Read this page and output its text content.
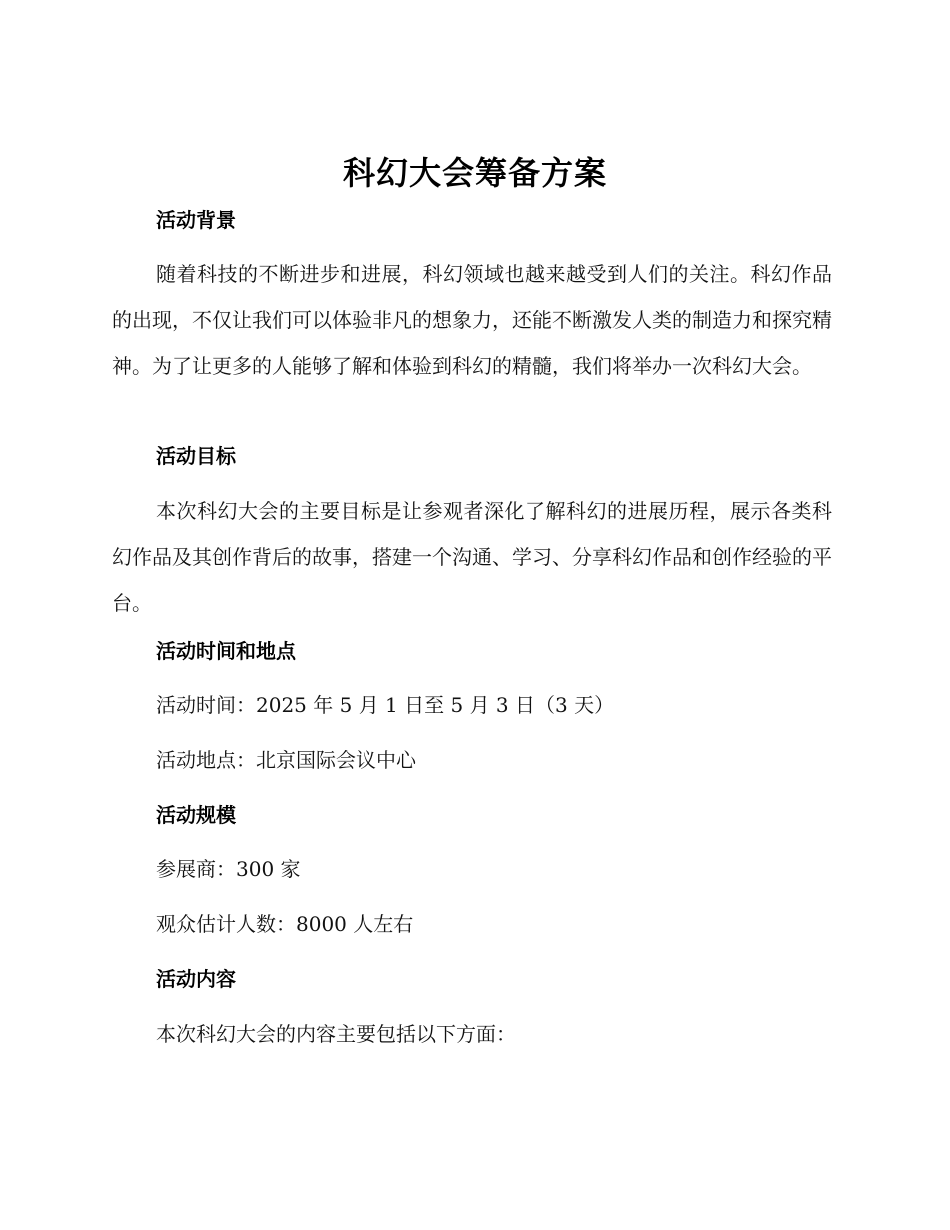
科幻大会筹备方案
活动背景
随着科技的不断进步和进展，科幻领域也越来越受到人们的关注。科幻作品的出现，不仅让我们可以体验非凡的想象力，还能不断激发人类的制造力和探究精神。为了让更多的人能够了解和体验到科幻的精髓，我们将举办一次科幻大会。
活动目标
本次科幻大会的主要目标是让参观者深化了解科幻的进展历程，展示各类科幻作品及其创作背后的故事，搭建一个沟通、学习、分享科幻作品和创作经验的平台。
活动时间和地点
活动时间：2025 年 5 月 1 日至 5 月 3 日（3 天）
活动地点：北京国际会议中心
活动规模
参展商：300 家
观众估计人数：8000 人左右
活动内容
本次科幻大会的内容主要包括以下方面：
